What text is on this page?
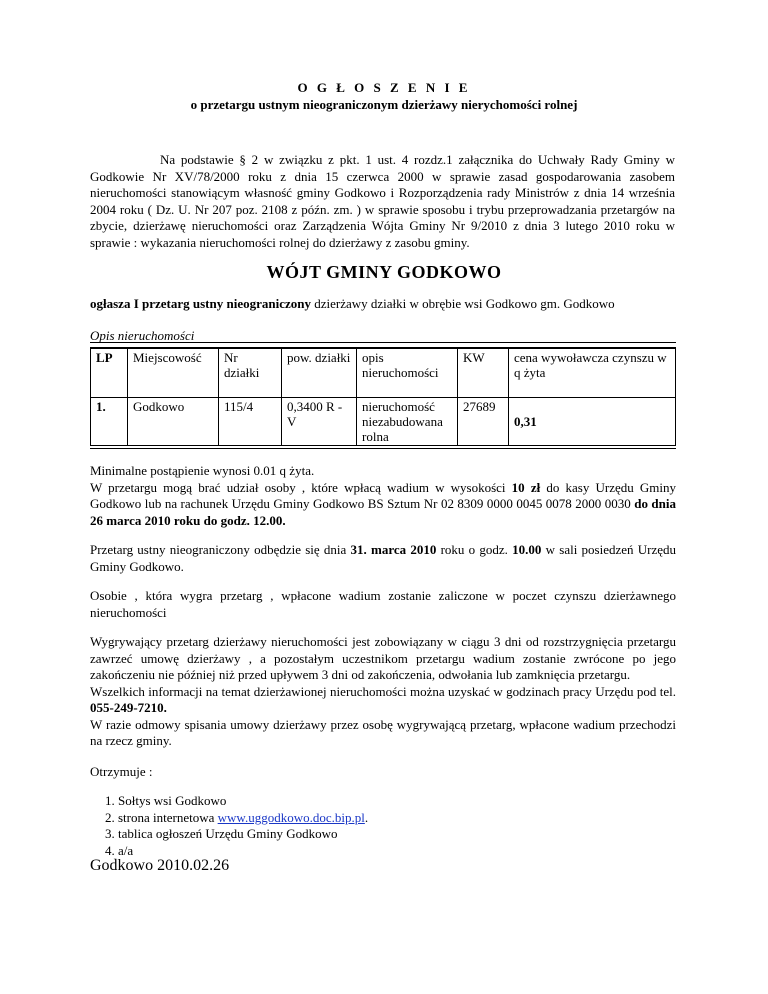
O G Ł O S Z E N I E
o przetargu ustnym nieograniczonym dzierżawy nierychomości rolnej
Na podstawie § 2 w związku z pkt. 1 ust. 4 rozdz.1 załącznika do Uchwały Rady Gminy w Godkowie Nr XV/78/2000 roku z dnia 15 czerwca 2000 w sprawie zasad gospodarowania zasobem nieruchomości stanowiącym własność gminy Godkowo i Rozporządzenia rady Ministrów z dnia 14 września 2004 roku ( Dz. U. Nr 207 poz. 2108 z późn. zm. ) w sprawie sposobu i trybu przeprowadzania przetargów na zbycie, dzierżawę nieruchomości oraz Zarządzenia Wójta Gminy Nr 9/2010 z dnia 3 lutego 2010 roku w sprawie : wykazania nieruchomości rolnej do dzierżawy z zasobu gminy.
WÓJT GMINY GODKOWO
ogłasza I przetarg ustny nieograniczony dzierżawy działki w obrębie wsi Godkowo gm. Godkowo
Opis nieruchomości
LP	Miejscowość	Nr działki	pow. działki	opis nieruchomości	KW	cena wywoławcza czynszu w q żyta
1.	Godkowo	115/4	0,3400 R - V	nieruchomość niezabudowana rolna	27689	0,31
Minimalne postąpienie wynosi 0.01 q żyta.
W przetargu mogą brać udział osoby , które wpłacą wadium w wysokości 10 zł do kasy Urzędu Gminy Godkowo lub na rachunek Urzędu Gminy Godkowo BS Sztum Nr 02 8309 0000 0045 0078 2000 0030 do dnia 26 marca 2010 roku do godz. 12.00.
Przetarg ustny nieograniczony odbędzie się dnia 31. marca 2010 roku o godz. 10.00 w sali posiedzeń Urzędu Gminy Godkowo.
Osobie , która wygra przetarg , wpłacone wadium zostanie zaliczone w poczet czynszu dzierżawnego nieruchomości
Wygrywający przetarg dzierżawy nieruchomości jest zobowiązany w ciągu 3 dni od rozstrzygnięcia przetargu zawrzeć umowę dzierżawy , a pozostałym uczestnikom przetargu wadium zostanie zwrócone po jego zakończeniu nie później niż przed upływem 3 dni od zakończenia, odwołania lub zamknięcia przetargu.
Wszelkich informacji na temat dzierżawionej nieruchomości można uzyskać w godzinach pracy Urzędu pod tel. 055-249-7210.
W razie odmowy spisania umowy dzierżawy przez osobę wygrywającą przetarg, wpłacone wadium przechodzi na rzecz gminy.
Otrzymuje :
1. Sołtys wsi Godkowo
2. strona internetowa www.uggodkowo.doc.bip.pl.
3. tablica ogłoszeń Urzędu Gminy Godkowo
4. a/a
Godkowo 2010.02.26
